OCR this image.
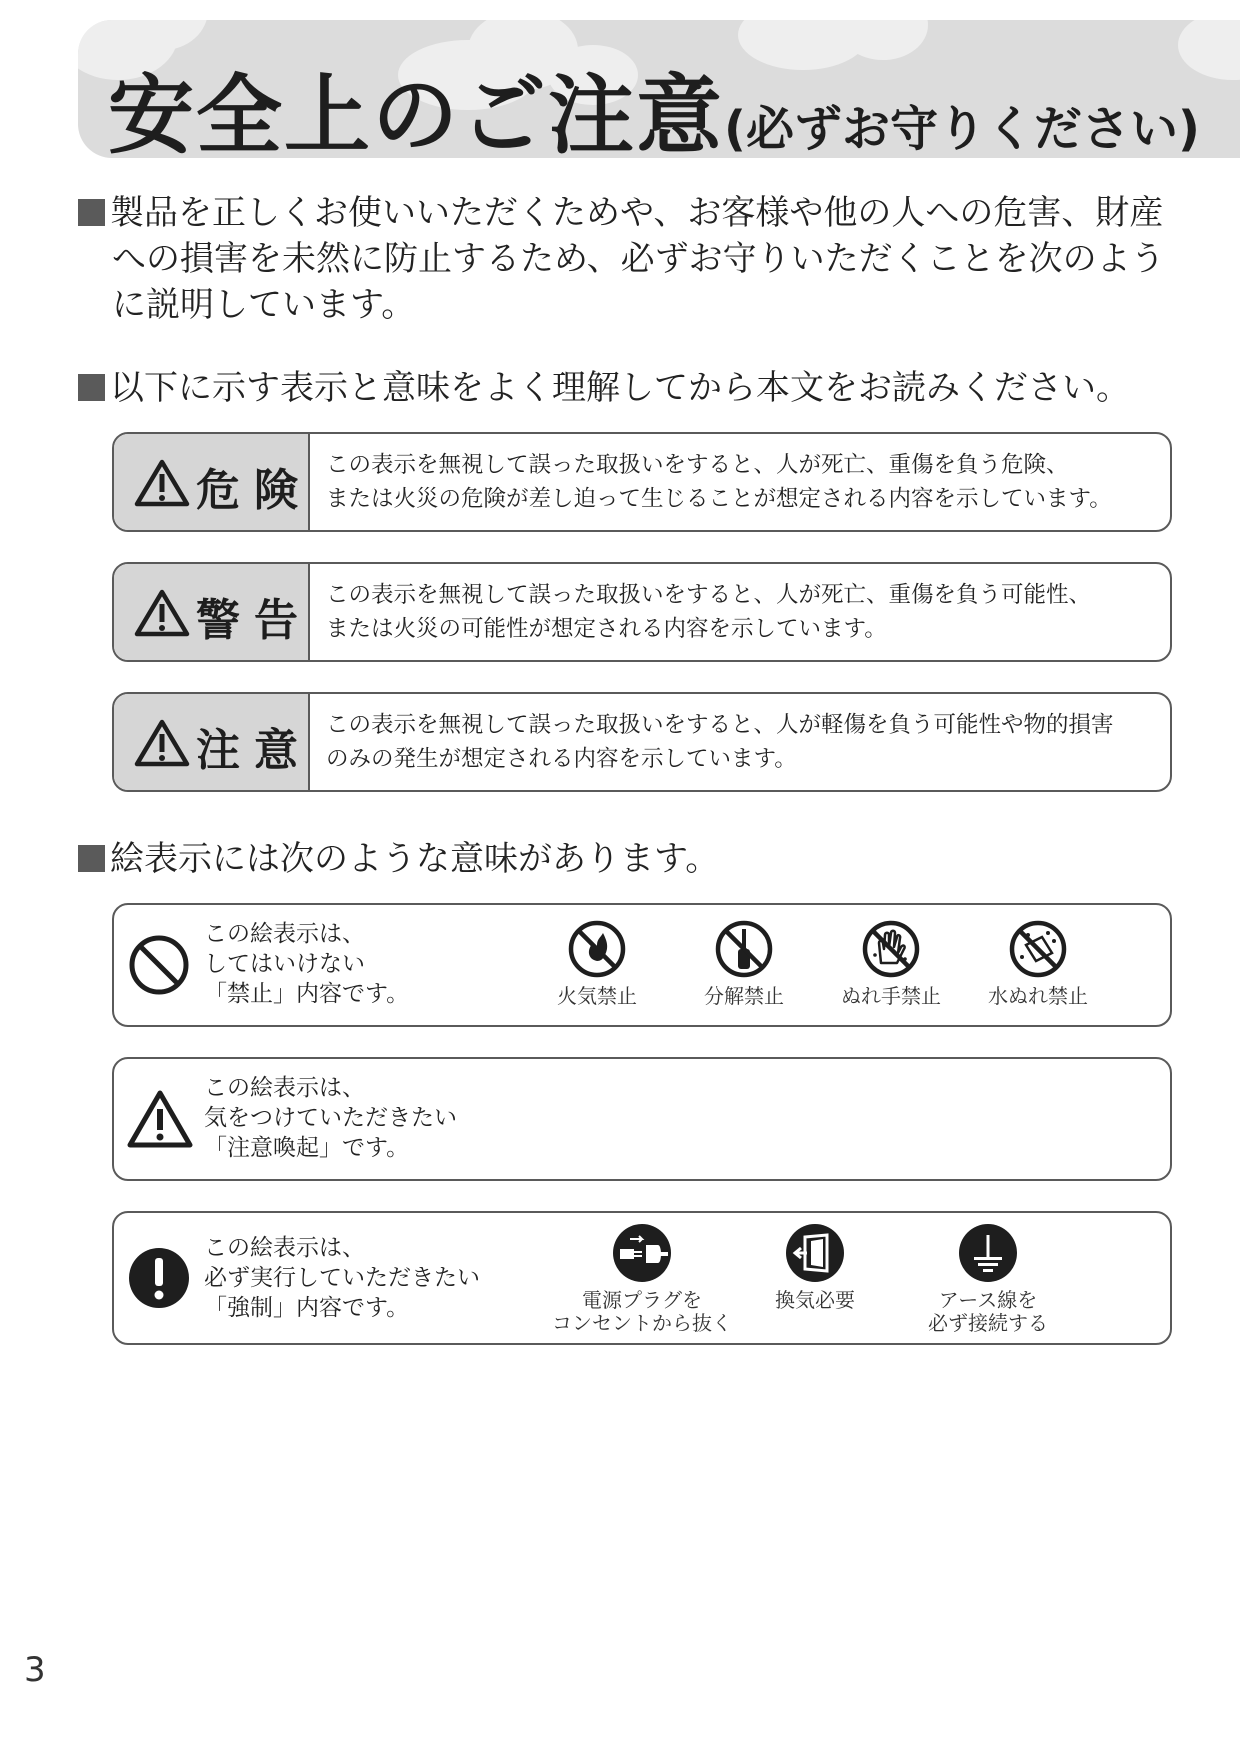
安全上のご注意(必ずお守りください)
製品を正しくお使いいただくためや、お客様や他の人への危害、財産
への損害を未然に防止するため、必ずお守りいただくことを次のよう
に説明しています。
以下に示す表示と意味をよく理解してから本文をお読みください。
危険 この表示を無視して誤った取扱いをすると、人が死亡、重傷を負う危険、
または火災の危険が差し迫って生じることが想定される内容を示しています。
警告 この表示を無視して誤った取扱いをすると、人が死亡、重傷を負う可能性、
または火災の可能性が想定される内容を示しています。
注意 この表示を無視して誤った取扱いをすると、人が軽傷を負う可能性や物的損害
のみの発生が想定される内容を示しています。
絵表示には次のような意味があります。
この絵表示は、
してはいけない
「禁止」内容です。	火気禁止	分解禁止	ぬれ手禁止	水ぬれ禁止
この絵表示は、
気をつけていただきたい
「注意喚起」です。
この絵表示は、
必ず実行していただきたい
「強制」内容です。	電源プラグを
コンセントから抜く
換気必要	アース線を
必ず接続する
3
